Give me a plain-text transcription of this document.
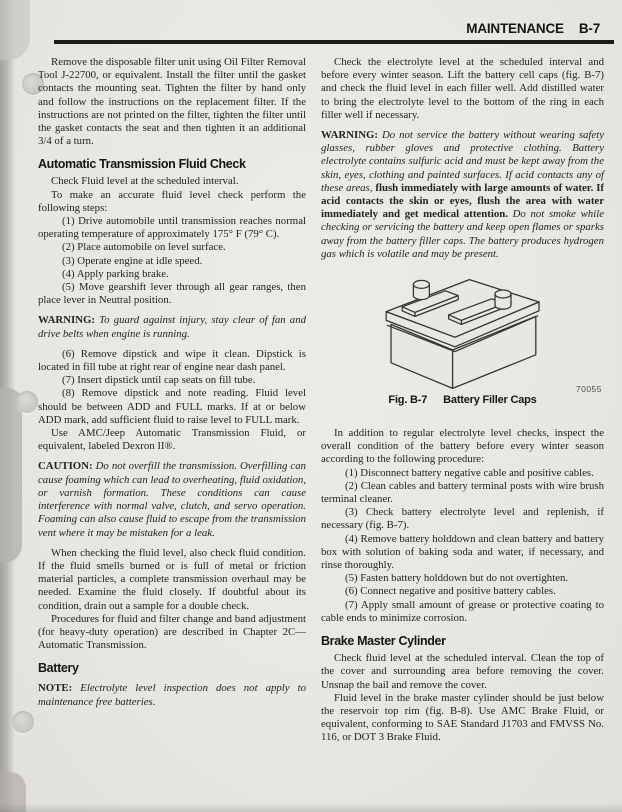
MAINTENANCE B-7

Remove the disposable filter unit using Oil Filter Removal Tool J-22700, or equivalent. Install the filter until the gasket contacts the mounting seat. Tighten the filter by hand only and follow the instructions on the replacement filter. If the instructions are not printed on the filter, tighten the filter until the gasket contacts the seat and then tighten it an additional 3/4 of a turn.

Automatic Transmission Fluid Check

Check Fluid level at the scheduled interval.

To make an accurate fluid level check perform the following steps:

(1) Drive automobile until transmission reaches normal operating temperature of approximately 175° F (79° C).

(2) Place automobile on level surface.

(3) Operate engine at idle speed.

(4) Apply parking brake.

(5) Move gearshift lever through all gear ranges, then place lever in Neutral position.

WARNING: To guard against injury, stay clear of fan and drive belts when engine is running.

(6) Remove dipstick and wipe it clean. Dipstick is located in fill tube at right rear of engine near dash panel.

(7) Insert dipstick until cap seats on fill tube.

(8) Remove dipstick and note reading. Fluid level should be between ADD and FULL marks. If at or below ADD mark, add sufficient fluid to raise level to FULL mark.

Use AMC/Jeep Automatic Transmission Fluid, or equivalent, labeled Dexron II®.

CAUTION: Do not overfill the transmission. Overfilling can cause foaming which can lead to overheating, fluid oxidation, or varnish formation. These conditions can cause interference with normal valve, clutch, and servo operation. Foaming can also cause fluid to escape from the transmission vent where it may be mistaken for a leak.

When checking the fluid level, also check fluid condition. If the fluid smells burned or is full of metal or friction material particles, a complete transmission overhaul may be needed. Examine the fluid closely. If doubtful about its condition, drain out a sample for a double check.

Procedures for fluid and filter change and band adjustment (for heavy-duty operation) are described in Chapter 2C—Automatic Transmission.

Battery

NOTE: Electrolyte level inspection does not apply to maintenance free batteries.

Check the electrolyte level at the scheduled interval and before every winter season. Lift the battery cell caps (fig. B-7) and check the fluid level in each filler well. Add distilled water to bring the electrolyte level to the bottom of the ring in each filler well if necessary.

WARNING: Do not service the battery without wearing safety glasses, rubber gloves and protective clothing. Battery electrolyte contains sulfuric acid and must be kept away from the skin, eyes, clothing and painted surfaces. If acid contacts any of these areas, flush immediately with large amounts of water. If acid contacts the skin or eyes, flush the area with water immediately and get medical attention. Do not smoke while checking or servicing the battery and keep open flames or sparks away from the battery filler caps. The battery produces hydrogen gas which is volatile and may be present.

70055
Fig. B-7 Battery Filler Caps

In addition to regular electrolyte level checks, inspect the overall condition of the battery before every winter season according to the following procedure:

(1) Disconnect battery negative cable and positive cables.

(2) Clean cables and battery terminal posts with wire brush terminal cleaner.

(3) Check battery electrolyte level and replenish, if necessary (fig. B-7).

(4) Remove battery holddown and clean battery and battery box with solution of baking soda and water, if necessary, and rinse thoroughly.

(5) Fasten battery holddown but do not overtighten.

(6) Connect negative and positive battery cables.

(7) Apply small amount of grease or protective coating to cable ends to minimize corrosion.

Brake Master Cylinder

Check fluid level at the scheduled interval. Clean the top of the cover and surrounding area before removing the cover. Unsnap the bail and remove the cover.

Fluid level in the brake master cylinder should be just below the reservoir top rim (fig. B-8). Use AMC Brake Fluid, or equivalent, conforming to SAE Standard J1703 and FMVSS No. 116, or DOT 3 Brake Fluid.
